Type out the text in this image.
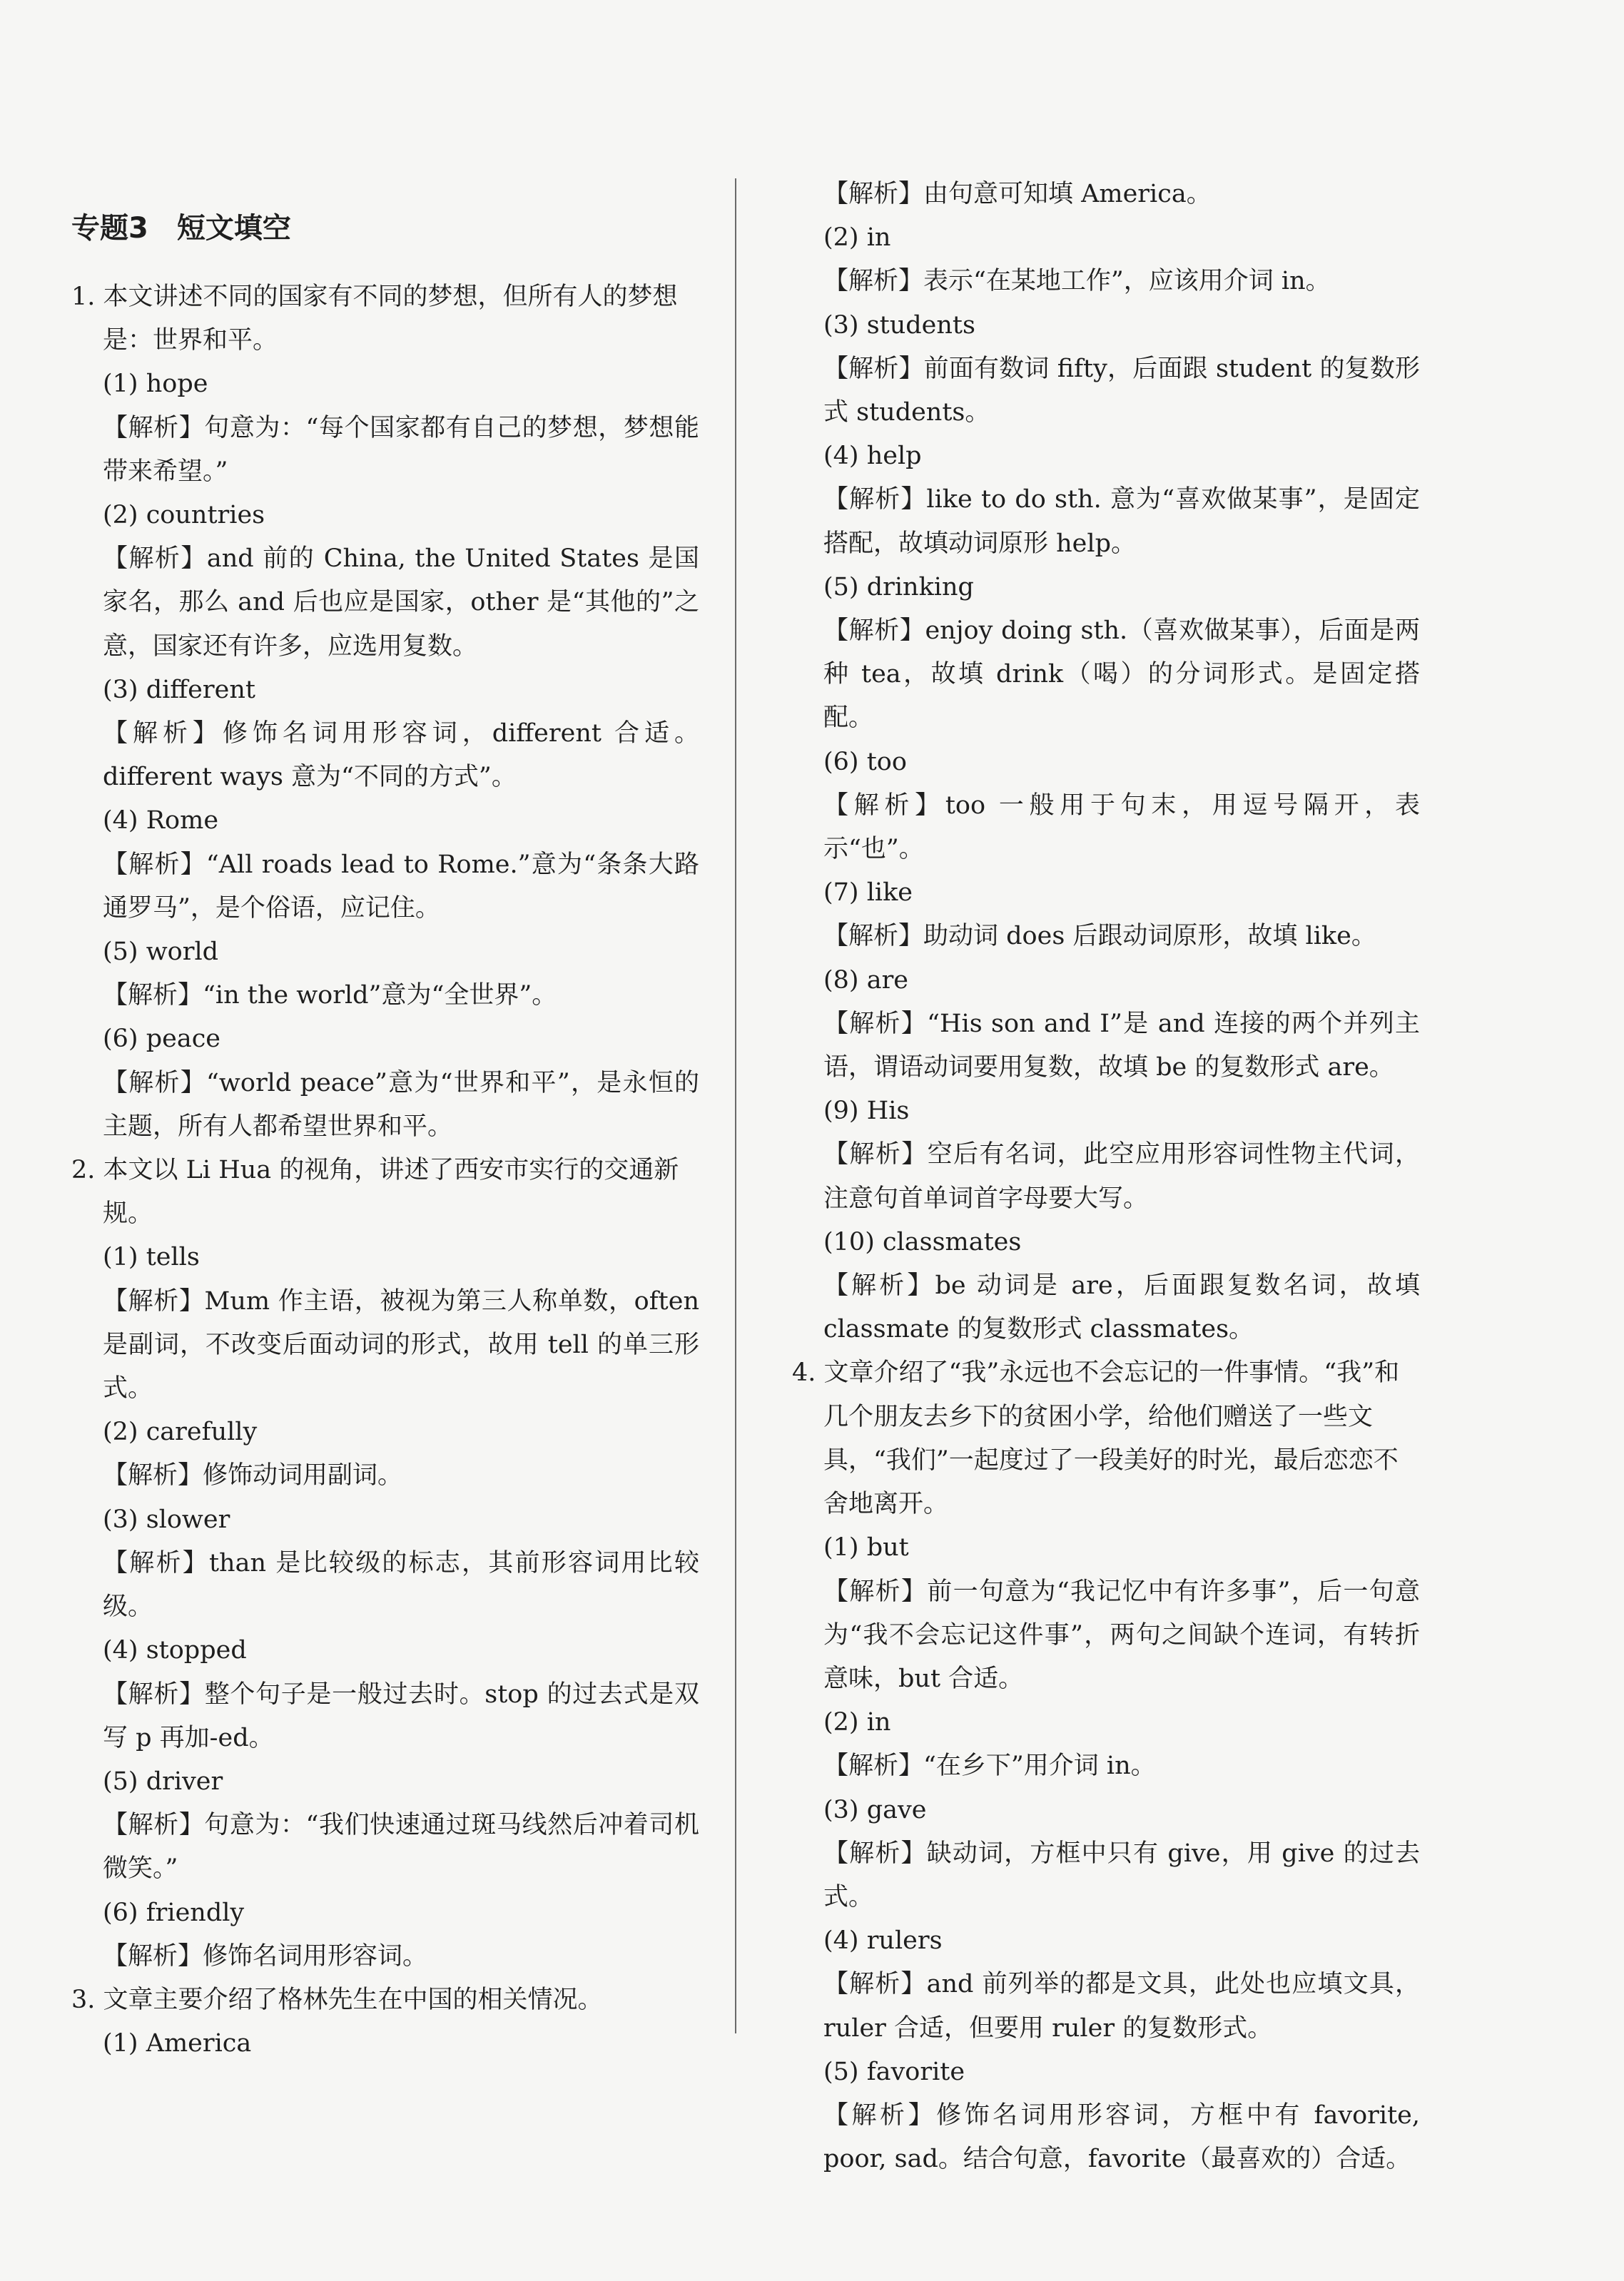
专题3　短文填空
1. 本文讲述不同的国家有不同的梦想，但所有人的梦想是：世界和平。
(1) hope
【解析】句意为：“每个国家都有自己的梦想，梦想能带来希望。”
(2) countries
【解析】and 前的 China, the United States 是国家名，那么 and 后也应是国家，other 是“其他的”之意，国家还有许多，应选用复数。
(3) different
【解析】修饰名词用形容词，different 合适。different ways 意为“不同的方式”。
(4) Rome
【解析】“All roads lead to Rome.”意为“条条大路通罗马”，是个俗语，应记住。
(5) world
【解析】“in the world”意为“全世界”。
(6) peace
【解析】“world peace”意为“世界和平”，是永恒的主题，所有人都希望世界和平。
2. 本文以 Li Hua 的视角，讲述了西安市实行的交通新规。
(1) tells
【解析】Mum 作主语，被视为第三人称单数，often 是副词，不改变后面动词的形式，故用 tell 的单三形式。
(2) carefully
【解析】修饰动词用副词。
(3) slower
【解析】than 是比较级的标志，其前形容词用比较级。
(4) stopped
【解析】整个句子是一般过去时。stop 的过去式是双写 p 再加-ed。
(5) driver
【解析】句意为：“我们快速通过斑马线然后冲着司机微笑。”
(6) friendly
【解析】修饰名词用形容词。
3. 文章主要介绍了格林先生在中国的相关情况。
(1) America
【解析】由句意可知填 America。
(2) in
【解析】表示“在某地工作”，应该用介词 in。
(3) students
【解析】前面有数词 fifty，后面跟 student 的复数形式 students。
(4) help
【解析】like to do sth. 意为“喜欢做某事”，是固定搭配，故填动词原形 help。
(5) drinking
【解析】enjoy doing sth.（喜欢做某事），后面是两种 tea，故填 drink（喝）的分词形式。是固定搭配。
(6) too
【解析】too 一般用于句末，用逗号隔开，表示“也”。
(7) like
【解析】助动词 does 后跟动词原形，故填 like。
(8) are
【解析】“His son and I”是 and 连接的两个并列主语，谓语动词要用复数，故填 be 的复数形式 are。
(9) His
【解析】空后有名词，此空应用形容词性物主代词，注意句首单词首字母要大写。
(10) classmates
【解析】be 动词是 are，后面跟复数名词，故填 classmate 的复数形式 classmates。
4. 文章介绍了“我”永远也不会忘记的一件事情。“我”和几个朋友去乡下的贫困小学，给他们赠送了一些文具，“我们”一起度过了一段美好的时光，最后恋恋不舍地离开。
(1) but
【解析】前一句意为“我记忆中有许多事”，后一句意为“我不会忘记这件事”，两句之间缺个连词，有转折意味，but 合适。
(2) in
【解析】“在乡下”用介词 in。
(3) gave
【解析】缺动词，方框中只有 give，用 give 的过去式。
(4) rulers
【解析】and 前列举的都是文具，此处也应填文具，ruler 合适，但要用 ruler 的复数形式。
(5) favorite
【解析】修饰名词用形容词，方框中有 favorite, poor, sad。结合句意，favorite（最喜欢的）合适。
